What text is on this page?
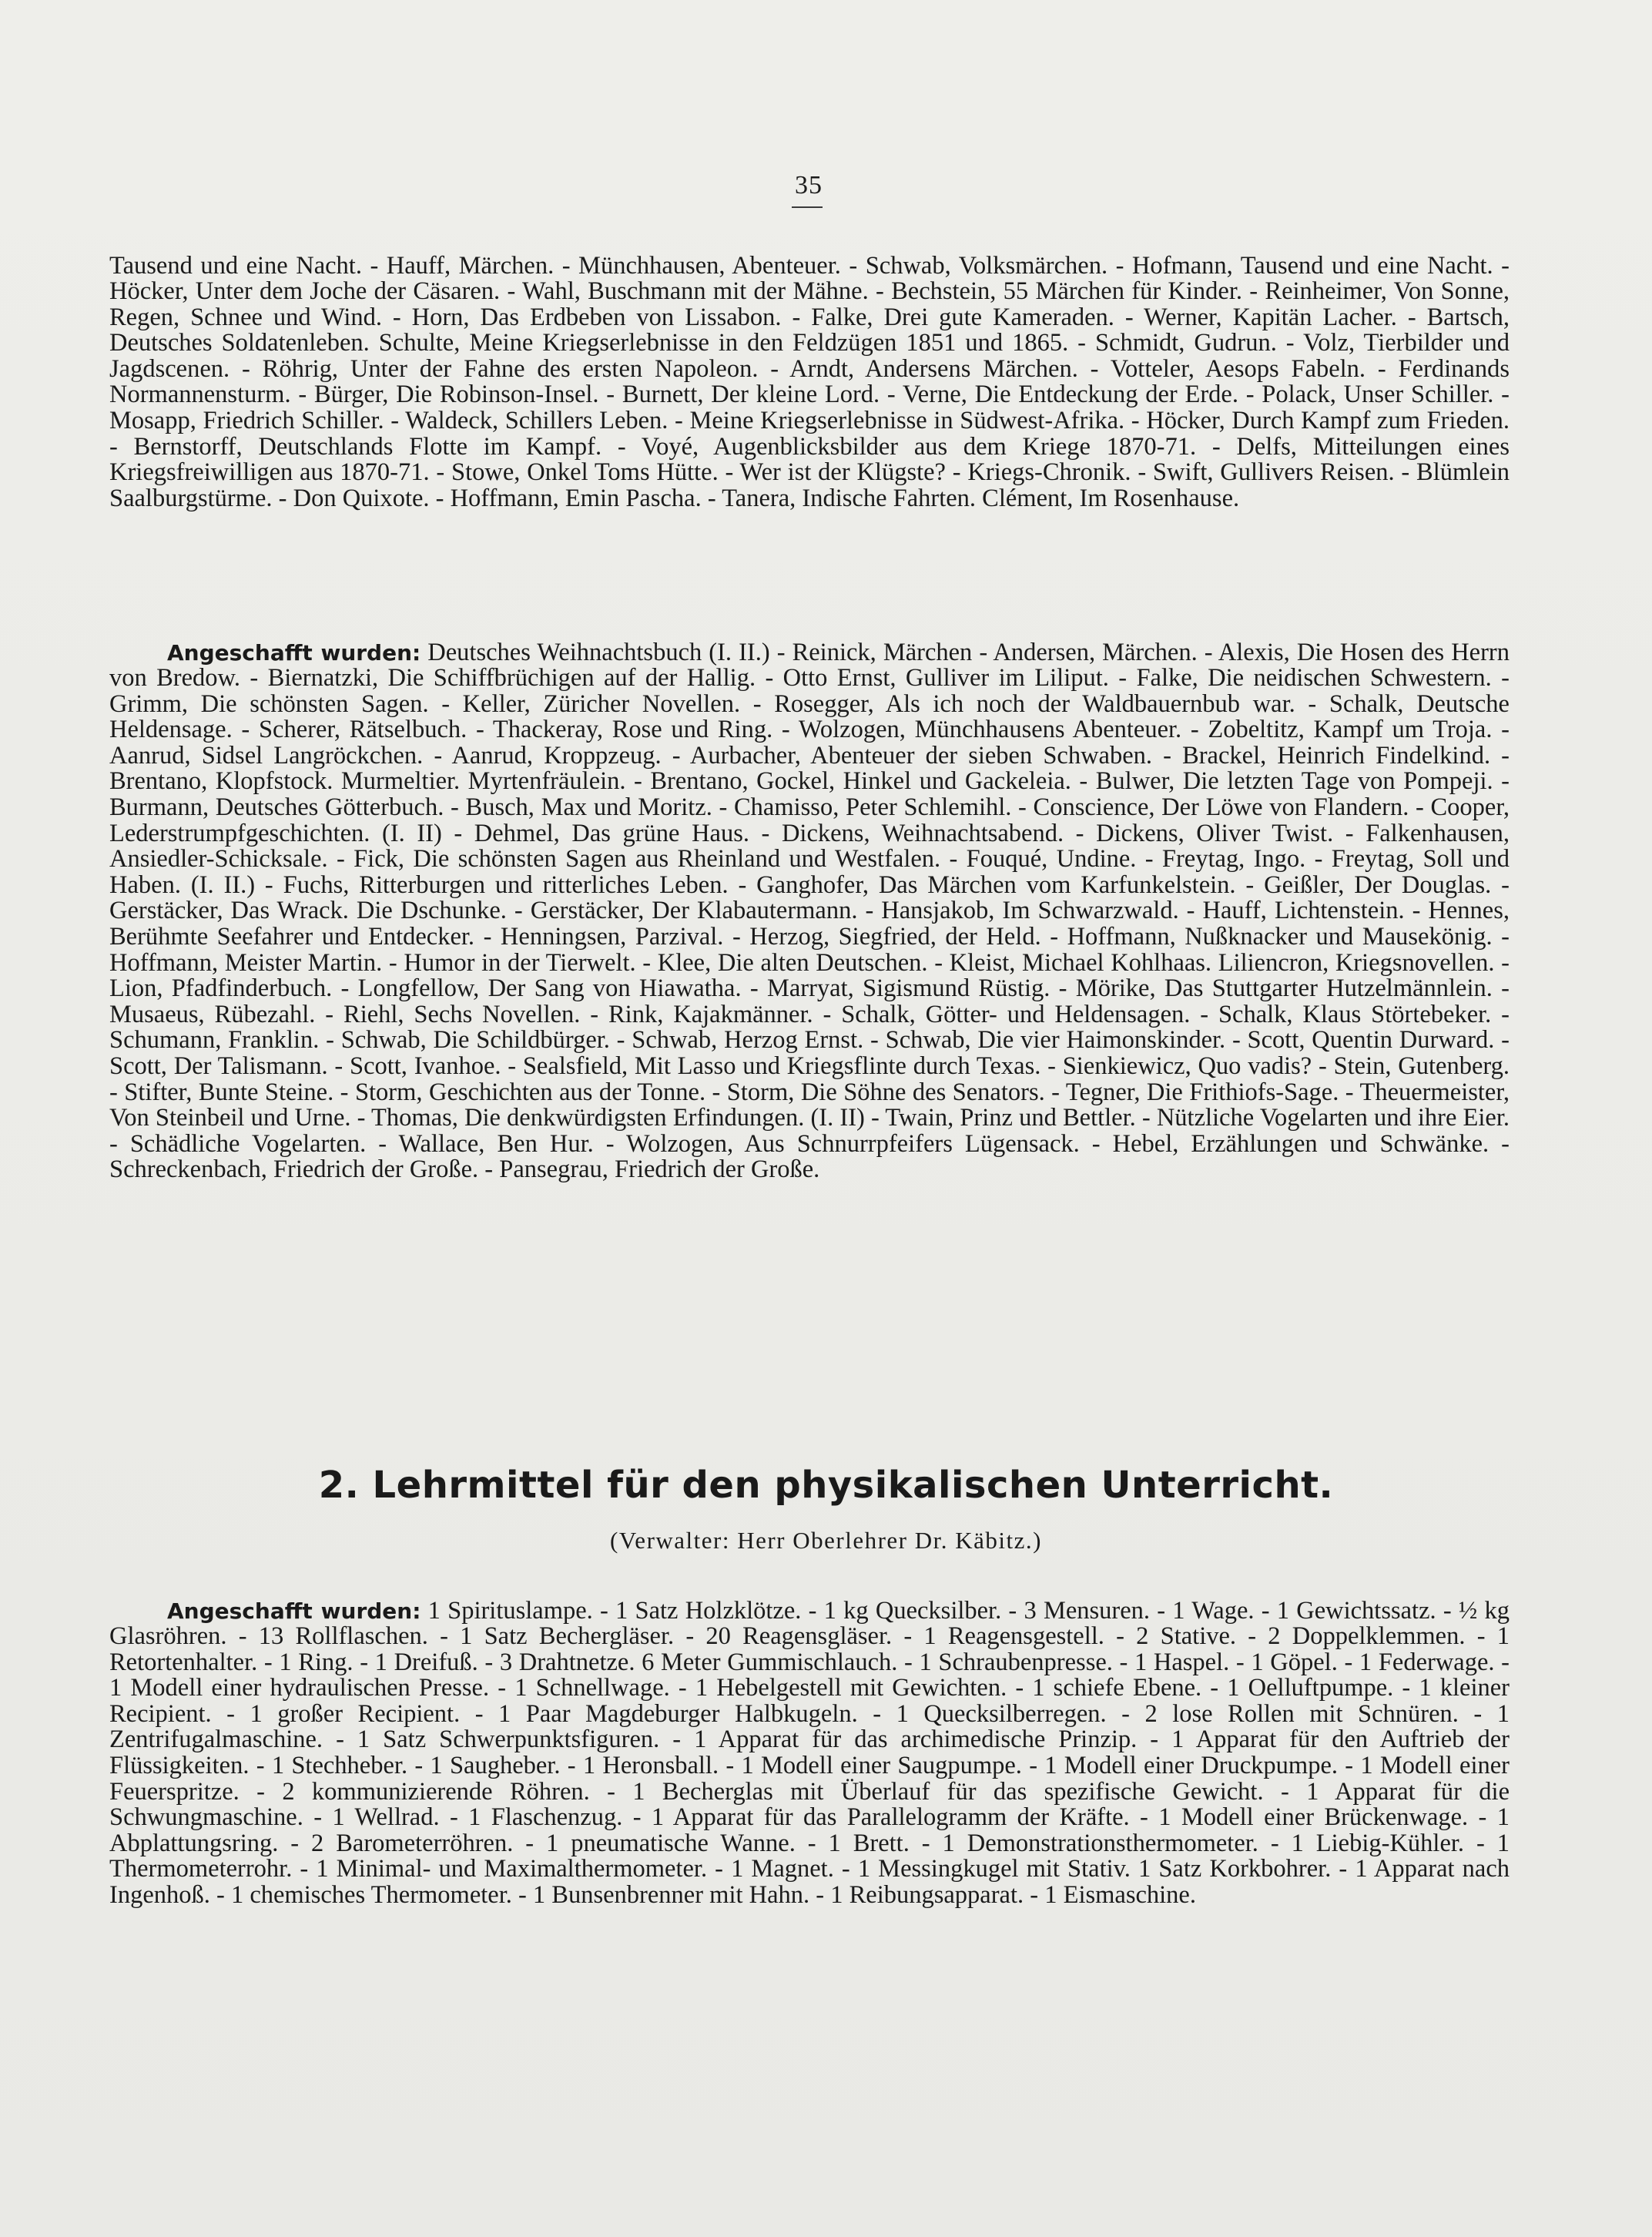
35

Tausend und eine Nacht. - Hauff, Märchen. - Münchhausen, Abenteuer. - Schwab, Volksmärchen. - Hofmann, Tausend und eine Nacht. - Höcker, Unter dem Joche der Cäsaren. - Wahl, Buschmann mit der Mähne. - Bechstein, 55 Märchen für Kinder. - Reinheimer, Von Sonne, Regen, Schnee und Wind. - Horn, Das Erdbeben von Lissabon. - Falke, Drei gute Kameraden. - Werner, Kapitän Lacher. - Bartsch, Deutsches Soldatenleben. Schulte, Meine Kriegserlebnisse in den Feldzügen 1851 und 1865. - Schmidt, Gudrun. - Volz, Tierbilder und Jagdscenen. - Röhrig, Unter der Fahne des ersten Napoleon. - Arndt, Andersens Märchen. - Votteler, Aesops Fabeln. - Ferdinands Normannensturm. - Bürger, Die Robinson-Insel. - Burnett, Der kleine Lord. - Verne, Die Entdeckung der Erde. - Polack, Unser Schiller. - Mosapp, Friedrich Schiller. - Waldeck, Schillers Leben. - Meine Kriegserlebnisse in Südwest-Afrika. - Höcker, Durch Kampf zum Frieden. - Bernstorff, Deutschlands Flotte im Kampf. - Voyé, Augenblicksbilder aus dem Kriege 1870-71. - Delfs, Mitteilungen eines Kriegsfreiwilligen aus 1870-71. - Stowe, Onkel Toms Hütte. - Wer ist der Klügste? - Kriegs-Chronik. - Swift, Gullivers Reisen. - Blümlein Saalburgstürme. - Don Quixote. - Hoffmann, Emin Pascha. - Tanera, Indische Fahrten. Clément, Im Rosenhause.

Angeschafft wurden: Deutsches Weihnachtsbuch (I. II.) - Reinick, Märchen - Andersen, Märchen. - Alexis, Die Hosen des Herrn von Bredow. - Biernatzki, Die Schiffbrüchigen auf der Hallig. - Otto Ernst, Gulliver im Liliput. - Falke, Die neidischen Schwestern. - Grimm, Die schönsten Sagen. - Keller, Züricher Novellen. - Rosegger, Als ich noch der Waldbauernbub war. - Schalk, Deutsche Heldensage. - Scherer, Rätselbuch. - Thackeray, Rose und Ring. - Wolzogen, Münchhausens Abenteuer. - Zobeltitz, Kampf um Troja. - Aanrud, Sidsel Langröckchen. - Aanrud, Kroppzeug. - Aurbacher, Abenteuer der sieben Schwaben. - Brackel, Heinrich Findelkind. - Brentano, Klopfstock. Murmeltier. Myrtenfräulein. - Brentano, Gockel, Hinkel und Gackeleia. - Bulwer, Die letzten Tage von Pompeji. - Burmann, Deutsches Götterbuch. - Busch, Max und Moritz. - Chamisso, Peter Schlemihl. - Conscience, Der Löwe von Flandern. - Cooper, Lederstrumpfgeschichten. (I. II) - Dehmel, Das grüne Haus. - Dickens, Weihnachtsabend. - Dickens, Oliver Twist. - Falkenhausen, Ansiedler-Schicksale. - Fick, Die schönsten Sagen aus Rheinland und Westfalen. - Fouqué, Undine. - Freytag, Ingo. - Freytag, Soll und Haben. (I. II.) - Fuchs, Ritterburgen und ritterliches Leben. - Ganghofer, Das Märchen vom Karfunkelstein. - Geißler, Der Douglas. - Gerstäcker, Das Wrack. Die Dschunke. - Gerstäcker, Der Klabautermann. - Hansjakob, Im Schwarzwald. - Hauff, Lichtenstein. - Hennes, Berühmte Seefahrer und Entdecker. - Henningsen, Parzival. - Herzog, Siegfried, der Held. - Hoffmann, Nußknacker und Mausekönig. - Hoffmann, Meister Martin. - Humor in der Tierwelt. - Klee, Die alten Deutschen. - Kleist, Michael Kohlhaas. Liliencron, Kriegsnovellen. - Lion, Pfadfinderbuch. - Longfellow, Der Sang von Hiawatha. - Marryat, Sigismund Rüstig. - Mörike, Das Stuttgarter Hutzelmännlein. - Musaeus, Rübezahl. - Riehl, Sechs Novellen. - Rink, Kajakmänner. - Schalk, Götter- und Heldensagen. - Schalk, Klaus Störtebeker. - Schumann, Franklin. - Schwab, Die Schildbürger. - Schwab, Herzog Ernst. - Schwab, Die vier Haimonskinder. - Scott, Quentin Durward. - Scott, Der Talismann. - Scott, Ivanhoe. - Sealsfield, Mit Lasso und Kriegsflinte durch Texas. - Sienkiewicz, Quo vadis? - Stein, Gutenberg. - Stifter, Bunte Steine. - Storm, Geschichten aus der Tonne. - Storm, Die Söhne des Senators. - Tegner, Die Frithiofs-Sage. - Theuermeister, Von Steinbeil und Urne. - Thomas, Die denkwürdigsten Erfindungen. (I. II) - Twain, Prinz und Bettler. - Nützliche Vogelarten und ihre Eier. - Schädliche Vogelarten. - Wallace, Ben Hur. - Wolzogen, Aus Schnurrpfeifers Lügensack. - Hebel, Erzählungen und Schwänke. - Schreckenbach, Friedrich der Große. - Pansegrau, Friedrich der Große.

2. Lehrmittel für den physikalischen Unterricht.
(Verwalter: Herr Oberlehrer Dr. Käbitz.)

Angeschafft wurden: 1 Spirituslampe. - 1 Satz Holzklötze. - 1 kg Quecksilber. - 3 Mensuren. - 1 Wage. - 1 Gewichtssatz. - ½ kg Glasröhren. - 13 Rollflaschen. - 1 Satz Bechergläser. - 20 Reagensgläser. - 1 Reagensgestell. - 2 Stative. - 2 Doppelklemmen. - 1 Retortenhalter. - 1 Ring. - 1 Dreifuß. - 3 Drahtnetze. 6 Meter Gummischlauch. - 1 Schraubenpresse. - 1 Haspel. - 1 Göpel. - 1 Federwage. - 1 Modell einer hydraulischen Presse. - 1 Schnellwage. - 1 Hebelgestell mit Gewichten. - 1 schiefe Ebene. - 1 Oelluftpumpe. - 1 kleiner Recipient. - 1 großer Recipient. - 1 Paar Magdeburger Halbkugeln. - 1 Quecksilberregen. - 2 lose Rollen mit Schnüren. - 1 Zentrifugalmaschine. - 1 Satz Schwerpunktsfiguren. - 1 Apparat für das archimedische Prinzip. - 1 Apparat für den Auftrieb der Flüssigkeiten. - 1 Stechheber. - 1 Saugheber. - 1 Heronsball. - 1 Modell einer Saugpumpe. - 1 Modell einer Druckpumpe. - 1 Modell einer Feuerspritze. - 2 kommunizierende Röhren. - 1 Becherglas mit Überlauf für das spezifische Gewicht. - 1 Apparat für die Schwungmaschine. - 1 Wellrad. - 1 Flaschenzug. - 1 Apparat für das Parallelogramm der Kräfte. - 1 Modell einer Brückenwage. - 1 Abplattungsring. - 2 Barometerröhren. - 1 pneumatische Wanne. - 1 Brett. - 1 Demonstrationsthermometer. - 1 Liebig-Kühler. - 1 Thermometerrohr. - 1 Minimal- und Maximalthermometer. - 1 Magnet. - 1 Messingkugel mit Stativ. 1 Satz Korkbohrer. - 1 Apparat nach Ingenhoß. - 1 chemisches Thermometer. - 1 Bunsenbrenner mit Hahn. - 1 Reibungsapparat. - 1 Eismaschine.
